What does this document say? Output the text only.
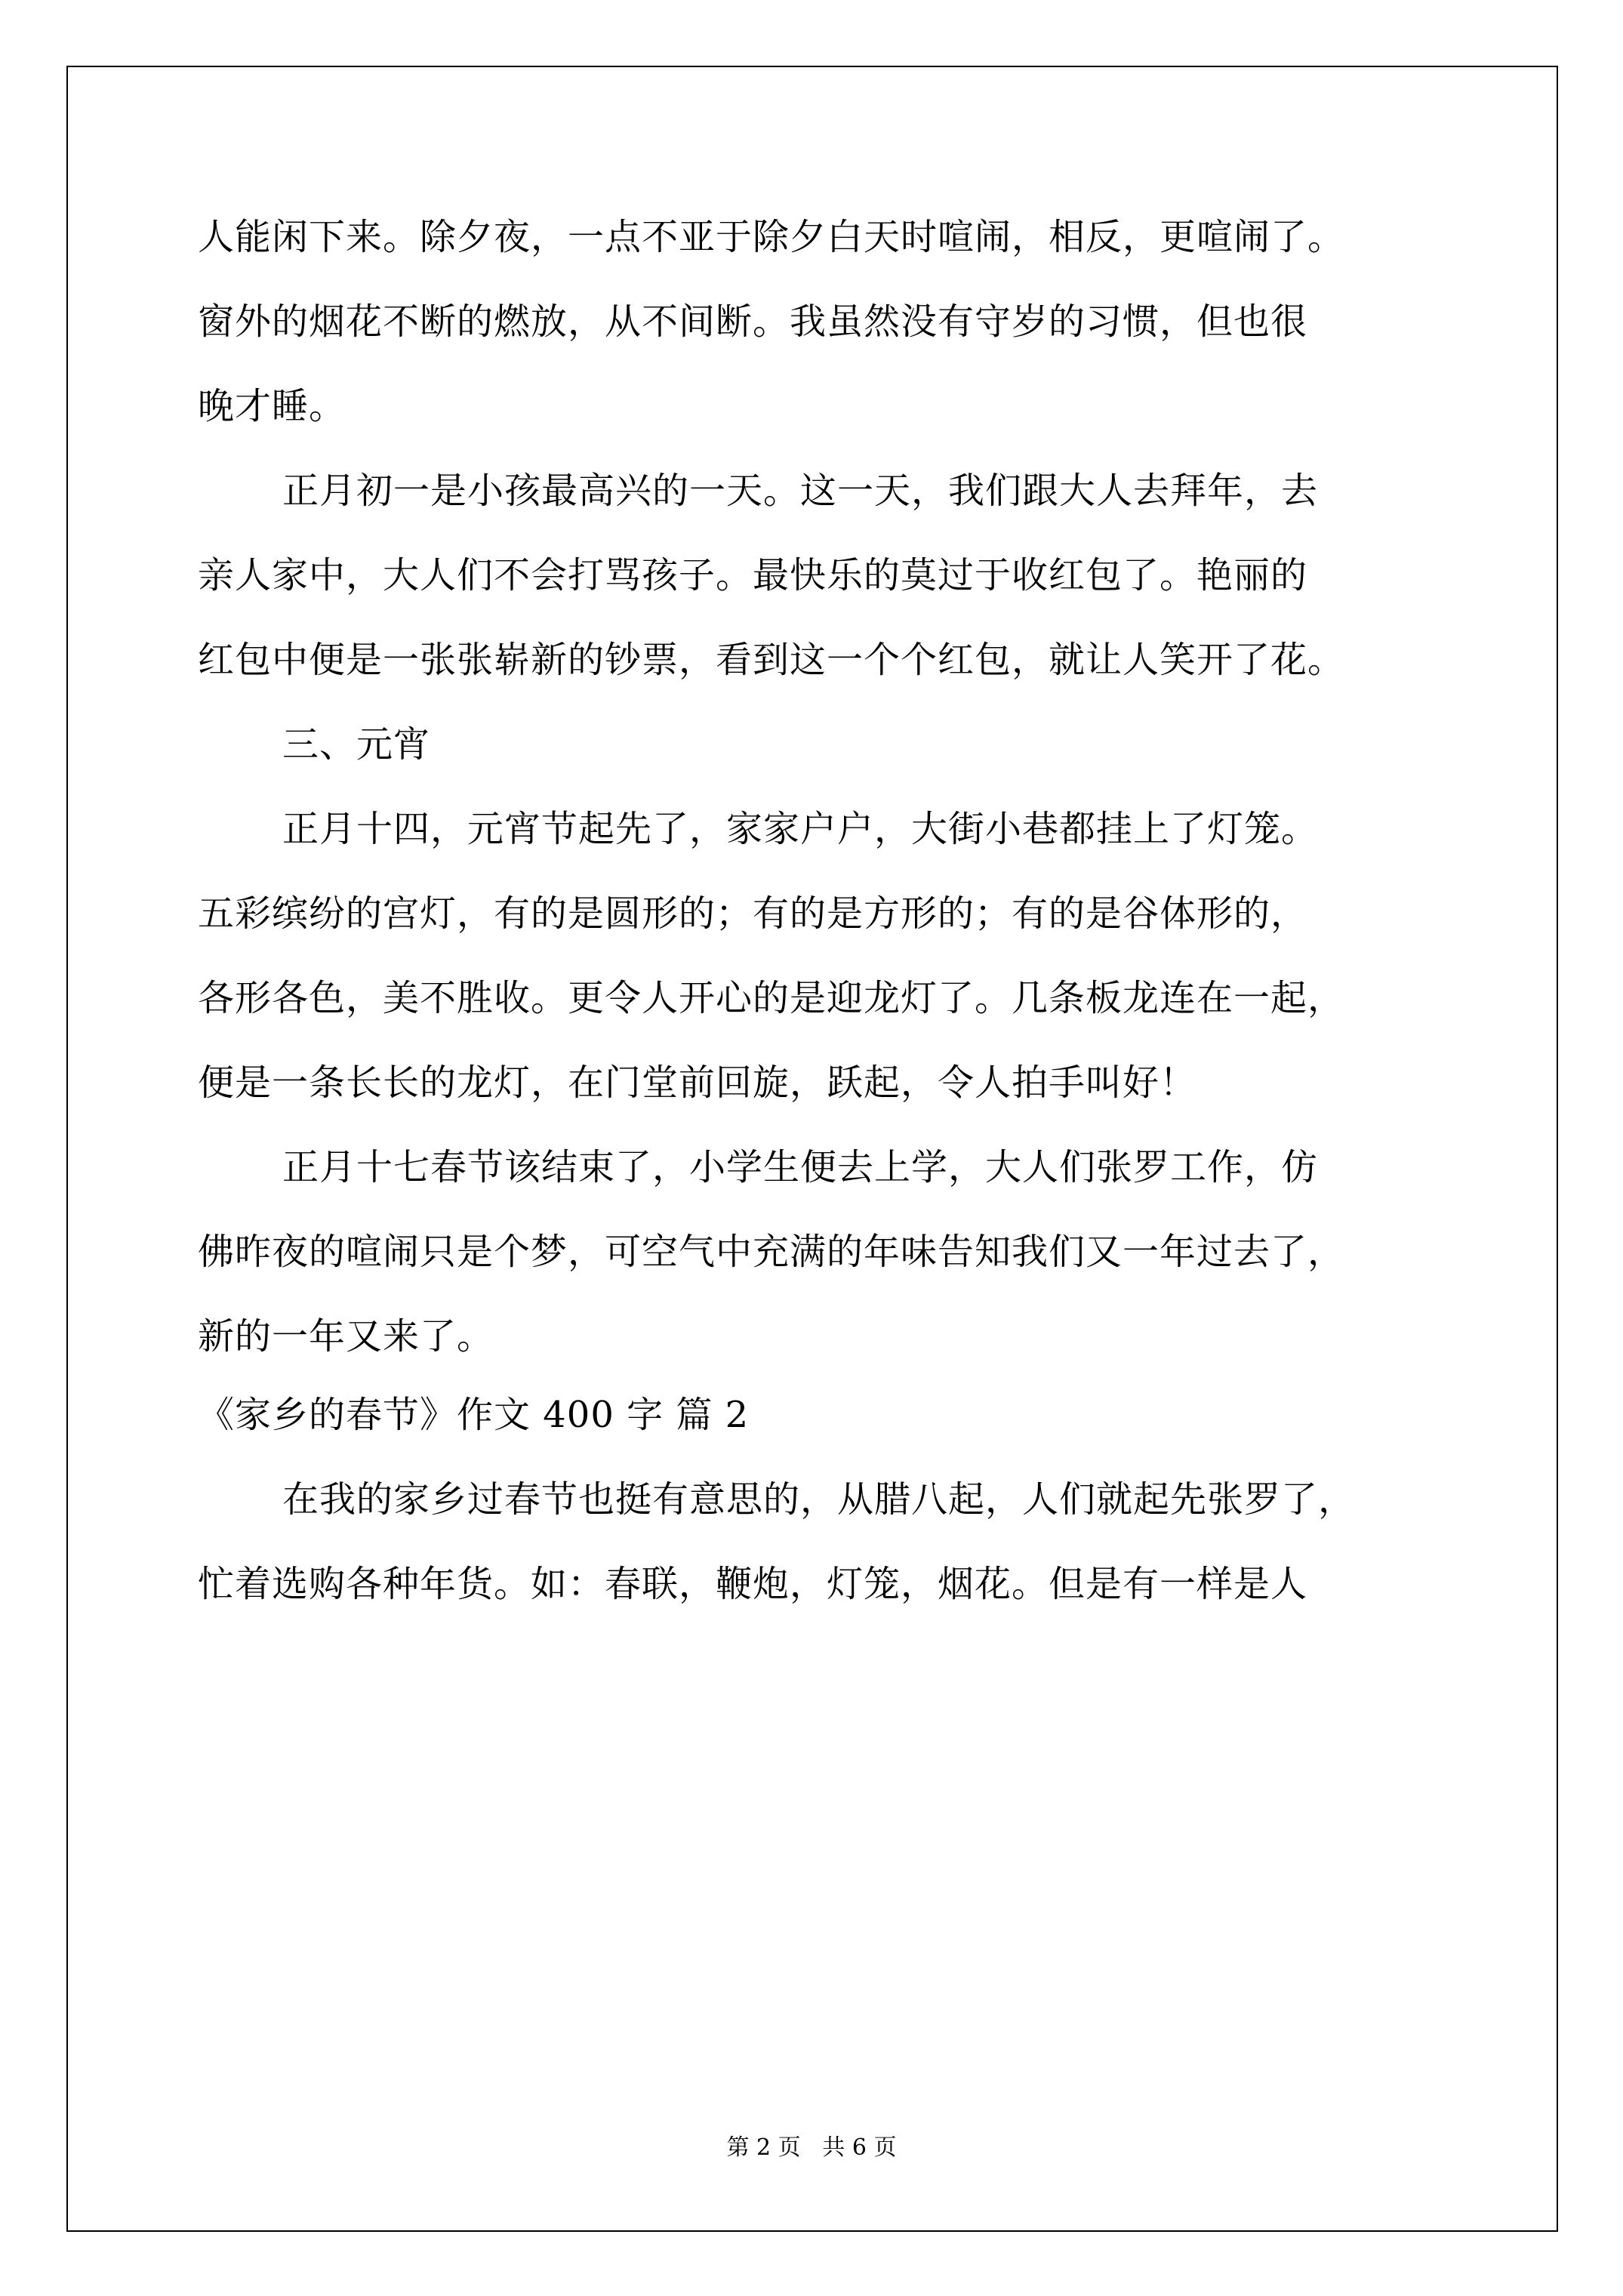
人能闲下来。除夕夜，一点不亚于除夕白天时喧闹，相反，更喧闹了。
窗外的烟花不断的燃放，从不间断。我虽然没有守岁的习惯，但也很
晚才睡。
正月初一是小孩最高兴的一天。这一天，我们跟大人去拜年，去
亲人家中，大人们不会打骂孩子。最快乐的莫过于收红包了。艳丽的
红包中便是一张张崭新的钞票，看到这一个个红包，就让人笑开了花。
三、元宵
正月十四，元宵节起先了，家家户户，大街小巷都挂上了灯笼。
五彩缤纷的宫灯，有的是圆形的；有的是方形的；有的是谷体形的，
各形各色，美不胜收。更令人开心的是迎龙灯了。几条板龙连在一起，
便是一条长长的龙灯，在门堂前回旋，跃起，令人拍手叫好！
正月十七春节该结束了，小学生便去上学，大人们张罗工作，仿
佛昨夜的喧闹只是个梦，可空气中充满的年味告知我们又一年过去了，
新的一年又来了。
《家乡的春节》作文 400 字 篇 2
在我的家乡过春节也挺有意思的，从腊八起，人们就起先张罗了，
忙着选购各种年货。如：春联，鞭炮，灯笼，烟花。但是有一样是人
第 2 页 共 6 页
